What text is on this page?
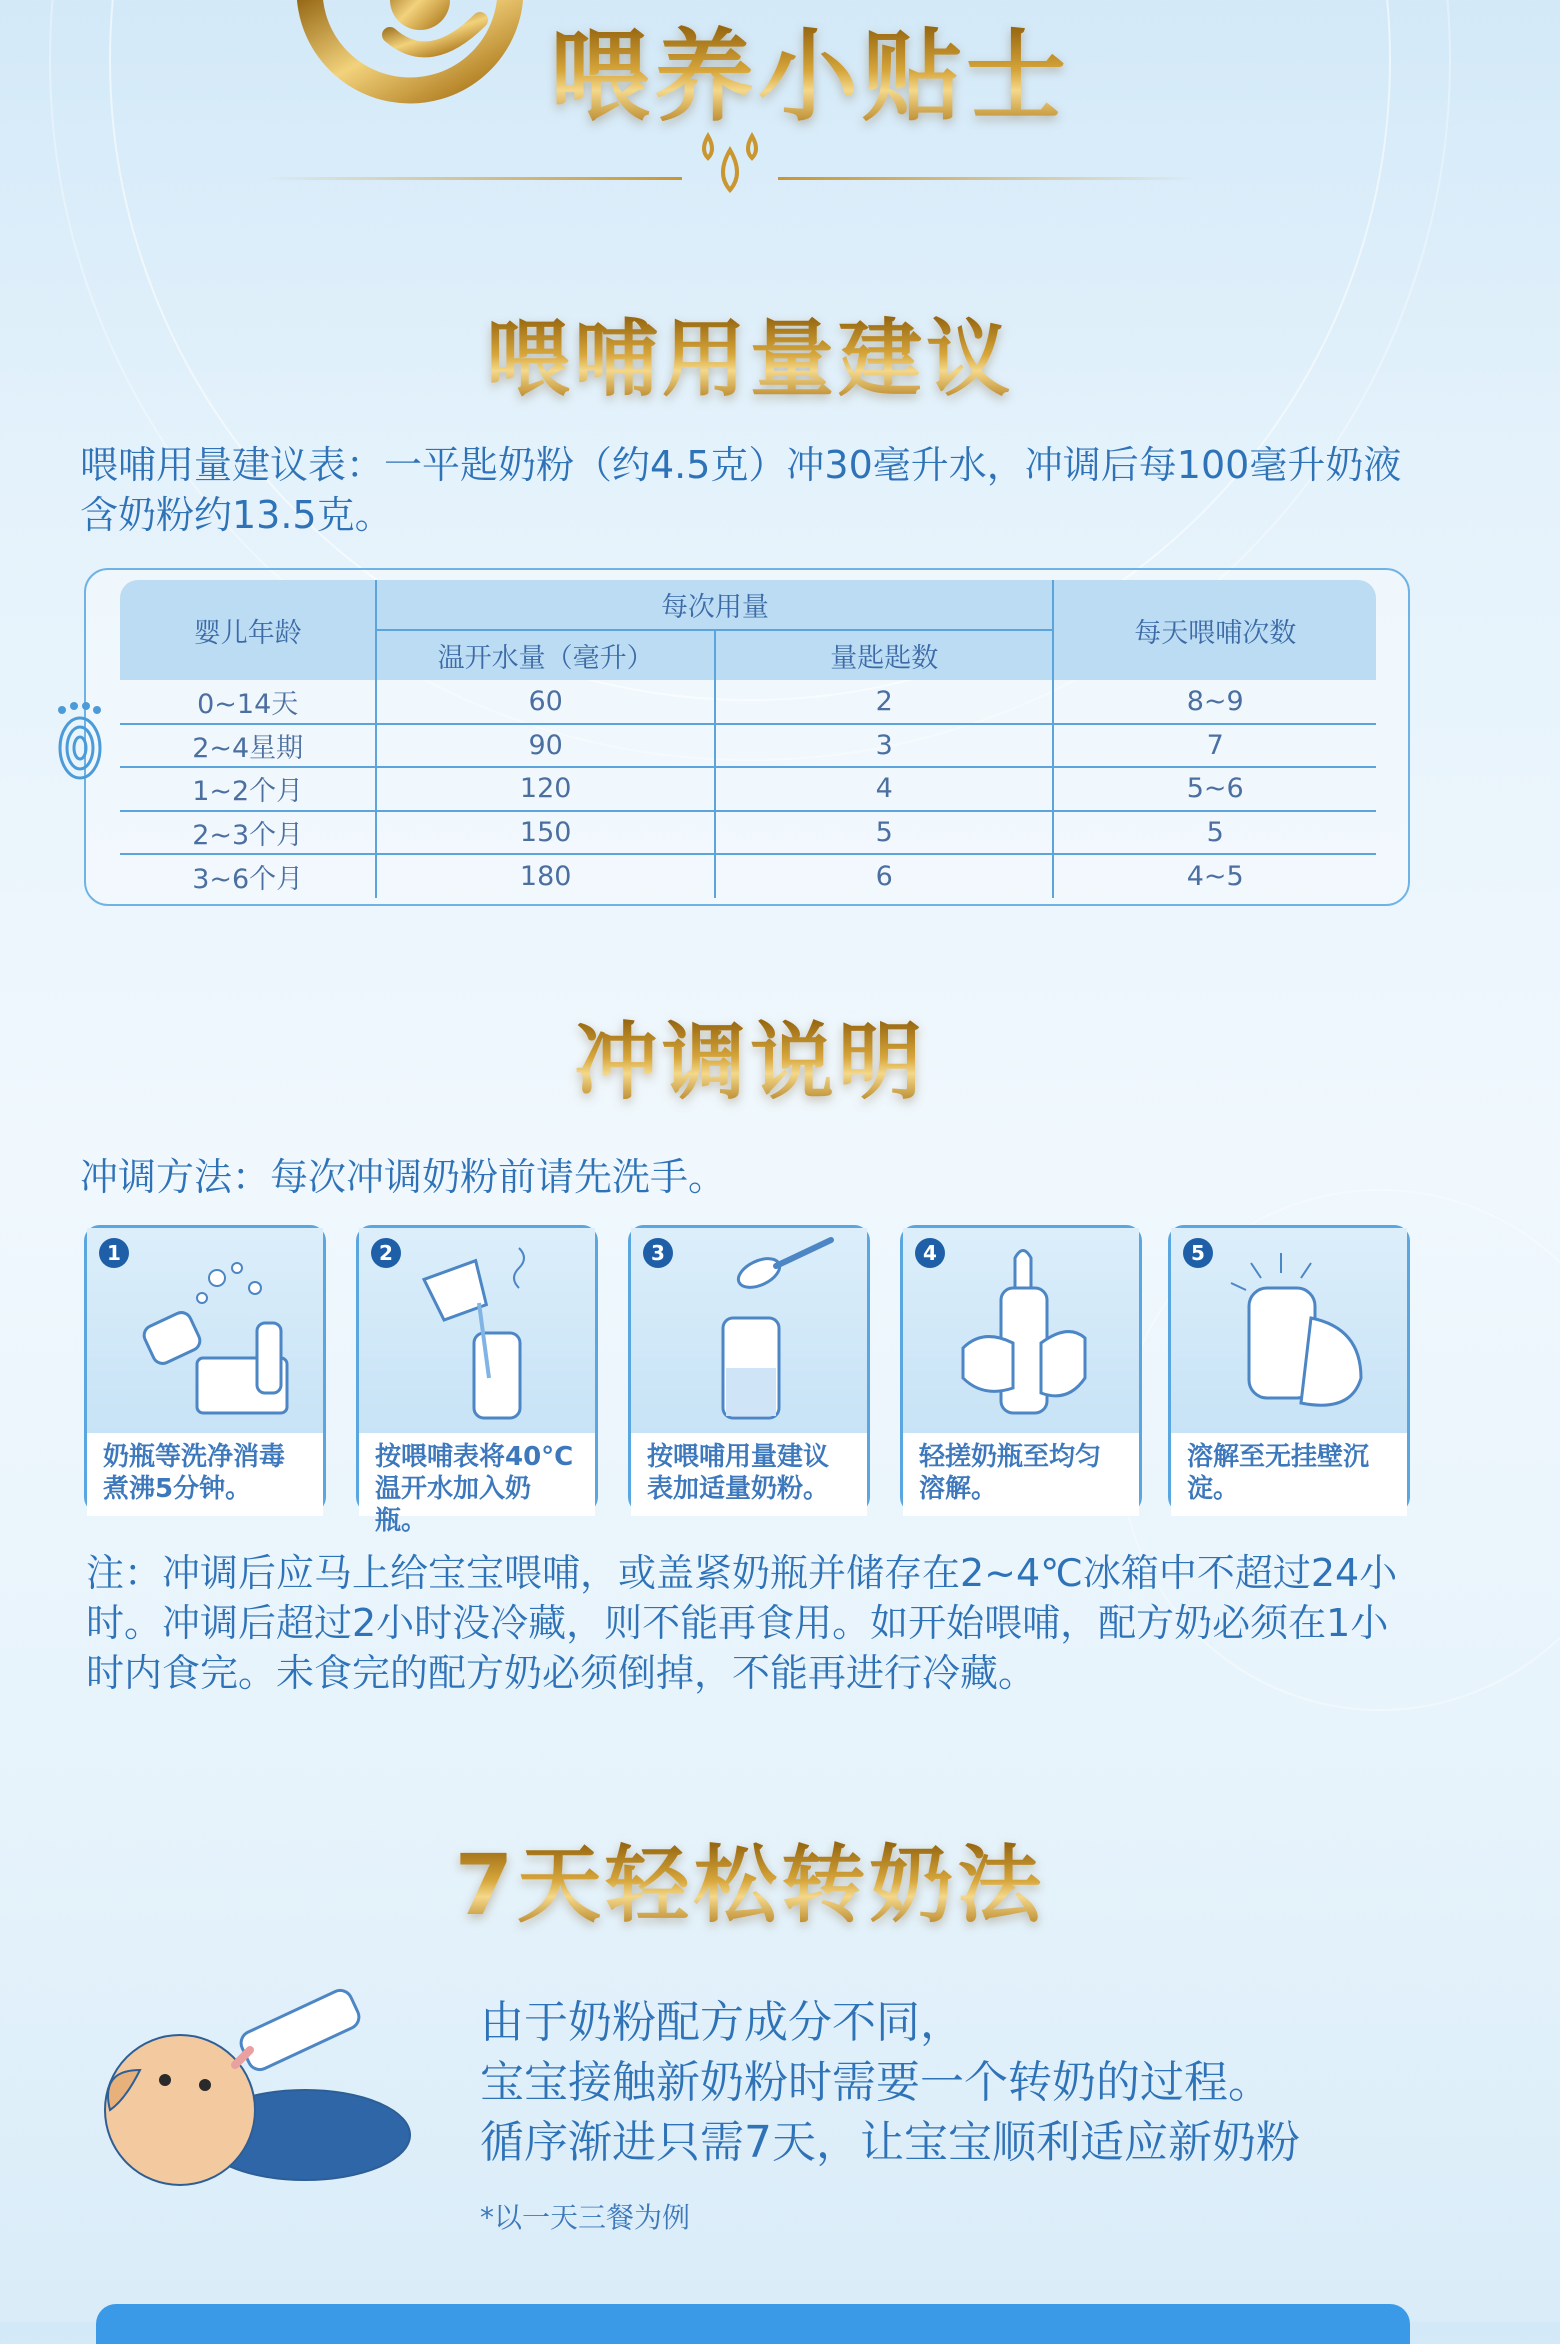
喂养小贴士
喂哺用量建议
喂哺用量建议表：一平匙奶粉（约4.5克）冲30毫升水，冲调后每100毫升奶液含奶粉约13.5克。
婴儿年龄	每次用量		每天喂哺次数
	温开水量（毫升）	量匙匙数	
0~14天	60	2	8~9
2~4星期	90	3	7
1~2个月	120	4	5~6
2~3个月	150	5	5
3~6个月	180	6	4~5
冲调说明
冲调方法：每次冲调奶粉前请先洗手。
1
奶瓶等洗净消毒煮沸5分钟。
2
按喂哺表将40°C温开水加入奶瓶。
3
按喂哺用量建议表加适量奶粉。
4
轻搓奶瓶至均匀溶解。
5
溶解至无挂壁沉淀。
注：冲调后应马上给宝宝喂哺，或盖紧奶瓶并储存在2~4℃冰箱中不超过24小时。冲调后超过2小时没冷藏，则不能再食用。如开始喂哺，配方奶必须在1小时内食完。未食完的配方奶必须倒掉，不能再进行冷藏。
7天轻松转奶法
由于奶粉配方成分不同，
宝宝接触新奶粉时需要一个转奶的过程。
循序渐进只需7天，让宝宝顺利适应新奶粉
*以一天三餐为例
